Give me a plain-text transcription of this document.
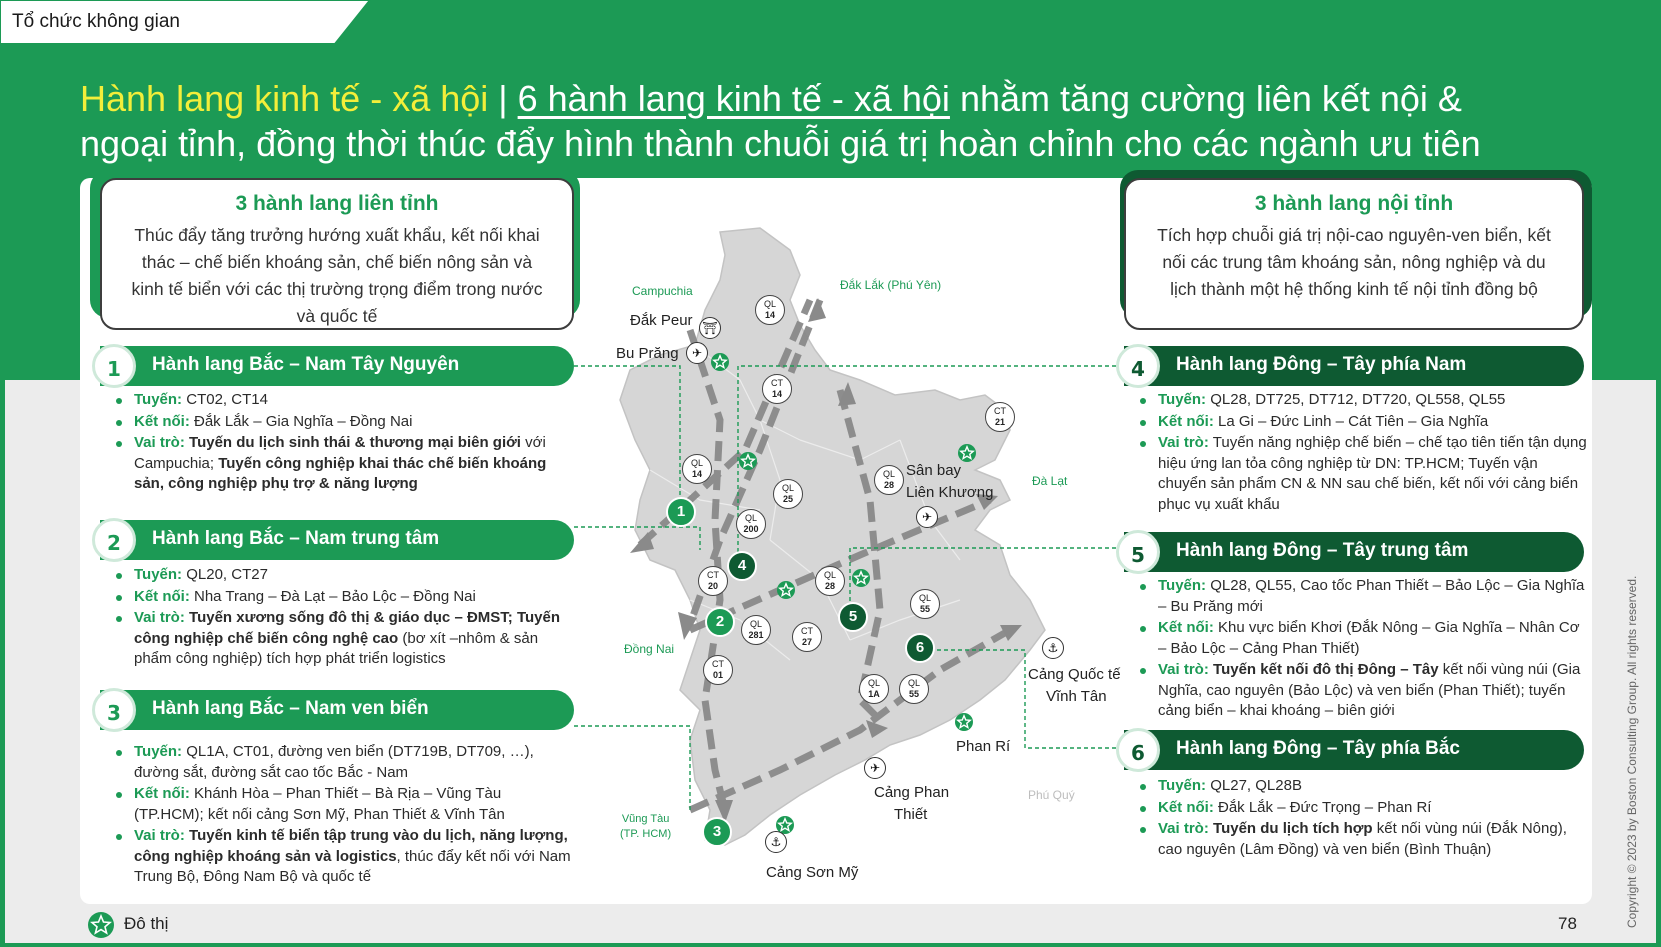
Tổ chức không gian
Hành lang kinh tế - xã hội | 6 hành lang kinh tế - xã hội nhằm tăng cường liên kết nội &
ngoại tỉnh, đồng thời thúc đẩy hình thành chuỗi giá trị hoàn chỉnh cho các ngành ưu tiên
3 hành lang liên tỉnh

Thúc đẩy tăng trưởng hướng xuất khẩu, kết nối khai thác – chế biến khoáng sản, chế biến nông sản và kinh tế biển với các thị trường trọng điểm trong nước và quốc tế

3 hành lang nội tỉnh

Tích hợp chuỗi giá trị nội-cao nguyên-ven biển, kết nối các trung tâm khoáng sản, nông nghiệp và du lịch thành một hệ thống kinh tế nội tỉnh đồng bộ

1
2
3
4
5
6
QL
14
CT
14
CT
21
QL
14	QL
28
QL
25
QL
200
CT
20
QL
28
QL
55
QL
281	CT
27
CT
01
QL
1A
QL
55
⛩
✈
✈
⚓
✈
⚓
1	Hành lang Bắc – Nam Tây Nguyên
Tuyến: CT02, CT14
Kết nối: Đắk Lắk – Gia Nghĩa – Đồng Nai
Vai trò: Tuyến du lịch sinh thái & thương mại biên giới với Campuchia; Tuyến công nghiệp khai thác chế biến khoáng sản, công nghiệp phụ trợ & năng lượng
2	Hành lang Bắc – Nam trung tâm
Tuyến: QL20, CT27
Kết nối: Nha Trang – Đà Lạt – Bảo Lộc – Đồng Nai
Vai trò: Tuyến xương sống đô thị & giáo dục – ĐMST; Tuyến công nghiệp chế biến công nghệ cao (bơ xít –nhôm & sản phẩm công nghiệp) tích hợp phát triển logistics
3	Hành lang Bắc – Nam ven biển
Tuyến: QL1A, CT01, đường ven biển (DT719B, DT709, …), đường sắt, đường sắt cao tốc Bắc - Nam
Kết nối: Khánh Hòa – Phan Thiết – Bà Rịa – Vũng Tàu (TP.HCM); kết nối cảng Sơn Mỹ, Phan Thiết & Vĩnh Tân
Vai trò: Tuyến kinh tế biển tập trung vào du lịch, năng lượng, công nghiệp khoáng sản và logistics, thúc đẩy kết nối với Nam Trung Bộ, Đông Nam Bộ và quốc tế
4	Hành lang Đông – Tây phía Nam
Tuyến: QL28, DT725, DT712, DT720, QL558, QL55
Kết nối: La Gi – Đức Linh – Cát Tiên – Gia Nghĩa
Vai trò: Tuyến năng nghiệp chế biến – chế tạo tiên tiến tận dụng hiệu ứng lan tỏa công nghiệp từ DN: TP.HCM; Tuyến vận chuyển sản phẩm CN & NN sau chế biến, kết nối với cảng biển phục vụ xuất khẩu
5	Hành lang Đông – Tây trung tâm
Tuyến: QL28, QL55, Cao tốc Phan Thiết – Bảo Lộc – Gia Nghĩa – Bu Prăng mới
Kết nối: Khu vực biển Khơi (Đắk Nông – Gia Nghĩa – Nhân Cơ – Bảo Lộc – Cảng Phan Thiết)
Vai trò: Tuyến kết nối đô thị Đông – Tây kết nối vùng núi (Gia Nghĩa, cao nguyên (Bảo Lộc) và ven biển (Phan Thiết); tuyến cảng biển – khai khoáng – biên giới
6	Hành lang Đông – Tây phía Bắc
Tuyến: QL27, QL28B
Kết nối: Đắk Lắk – Đức Trọng – Phan Rí
Vai trò: Tuyến du lịch tích hợp kết nối vùng núi (Đắk Nông), cao nguyên (Lâm Đồng) và ven biển (Bình Thuận)
Campuchia	Đắk Lắk (Phú Yên)
Đà Lạt
Đồng Nai
Vũng Tàu
(TP. HCM)
Phú Quý
Đắk Peur
Bu Prăng
Sân bay
Liên Khương
Cảng Quốc tế
Vĩnh Tân
Phan Rí
Cảng Phan
Thiết
Cảng Sơn Mỹ
Đô thị	78	Copyright © 2023 by Boston Consulting Group. All rights reserved.
